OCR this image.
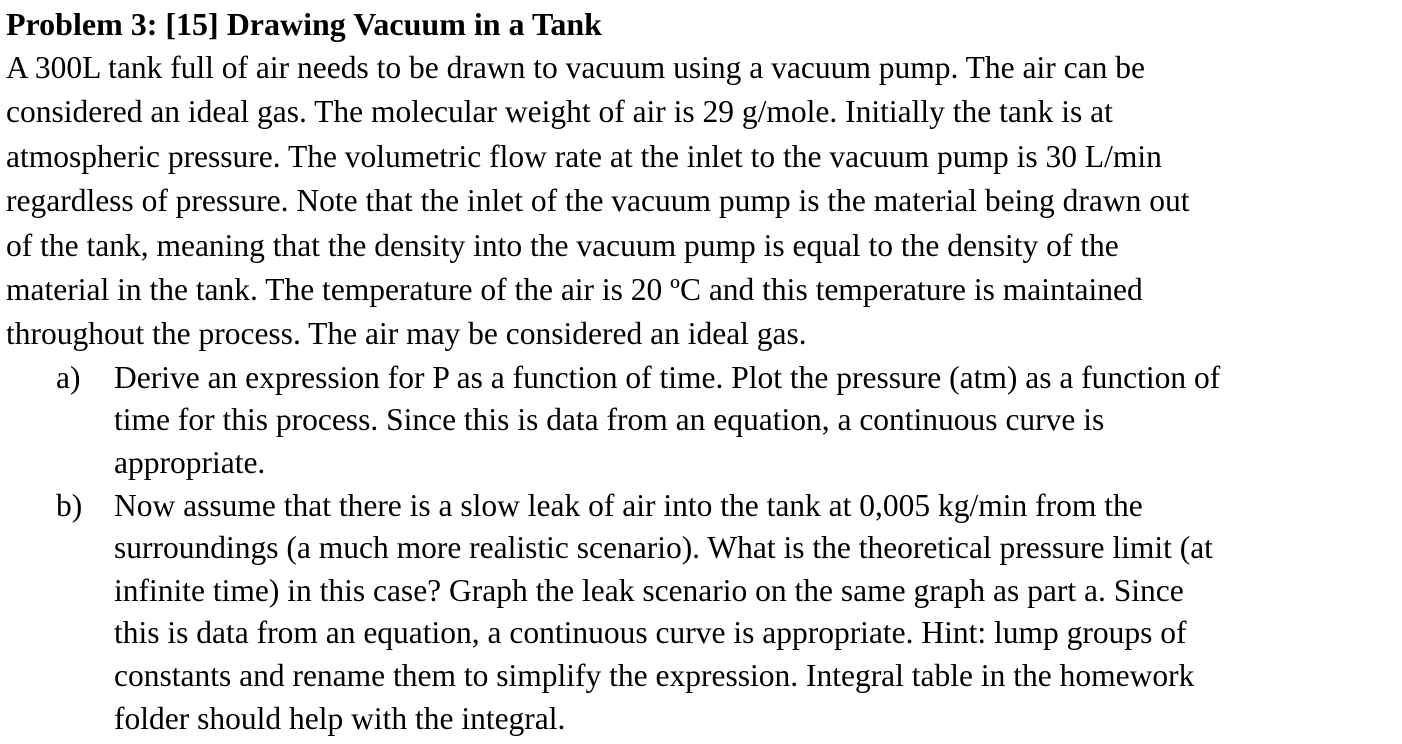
Problem 3: [15] Drawing Vacuum in a Tank

A 300L tank full of air needs to be drawn to vacuum using a vacuum pump. The air can be
considered an ideal gas. The molecular weight of air is 29 g/mole. Initially the tank is at
atmospheric pressure. The volumetric flow rate at the inlet to the vacuum pump is 30 L/min
regardless of pressure. Note that the inlet of the vacuum pump is the material being drawn out
of the tank, meaning that the density into the vacuum pump is equal to the density of the
material in the tank. The temperature of the air is 20 ºC and this temperature is maintained
throughout the process. The air may be considered an ideal gas.

a) Derive an expression for P as a function of time. Plot the pressure (atm) as a function of
time for this process. Since this is data from an equation, a continuous curve is
appropriate.
b) Now assume that there is a slow leak of air into the tank at 0,005 kg/min from the
surroundings (a much more realistic scenario). What is the theoretical pressure limit (at
infinite time) in this case? Graph the leak scenario on the same graph as part a. Since
this is data from an equation, a continuous curve is appropriate. Hint: lump groups of
constants and rename them to simplify the expression. Integral table in the homework
folder should help with the integral.
